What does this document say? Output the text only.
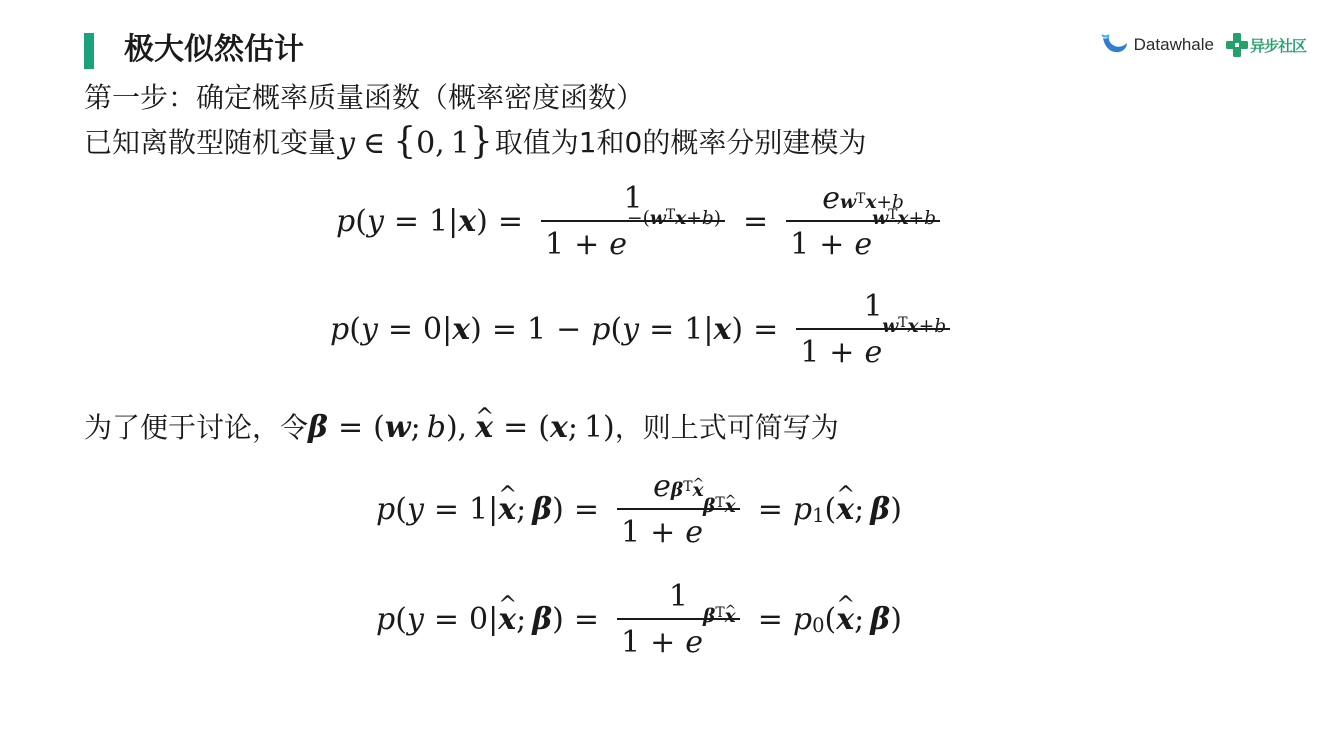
极大似然估计	Datawhale 异步社区
第一步：确定概率质量函数（概率密度函数）
已知离散型随机变量 y ∈ {0, 1} 取值为1和0的概率分别建模为
p ( y = 1| x ) = 1
1 + e
$^{-(w^Tx+b)}$ = e $^{w^Tx+b}$
1 + e
$^{w^Tx+b}$
p ( y = 0| x ) = 1 − p ( y = 1| x ) = 1
1 + e
$^{w^Tx+b}$
为了便于讨论，令 β = (w; b), ^ x = (x; 1) ，则上式可简写为
p ( y = 1| ^ x ; β ) = e $^{\beta^Tx}$
1 + e
$^{\beta^Tx} = p_1$ ( ^ x ; β )
p ( y = 0| ^ x ; β ) = 1
1 + e
$^{\beta^Tx} = p_0$ ( ^ x ; β )
